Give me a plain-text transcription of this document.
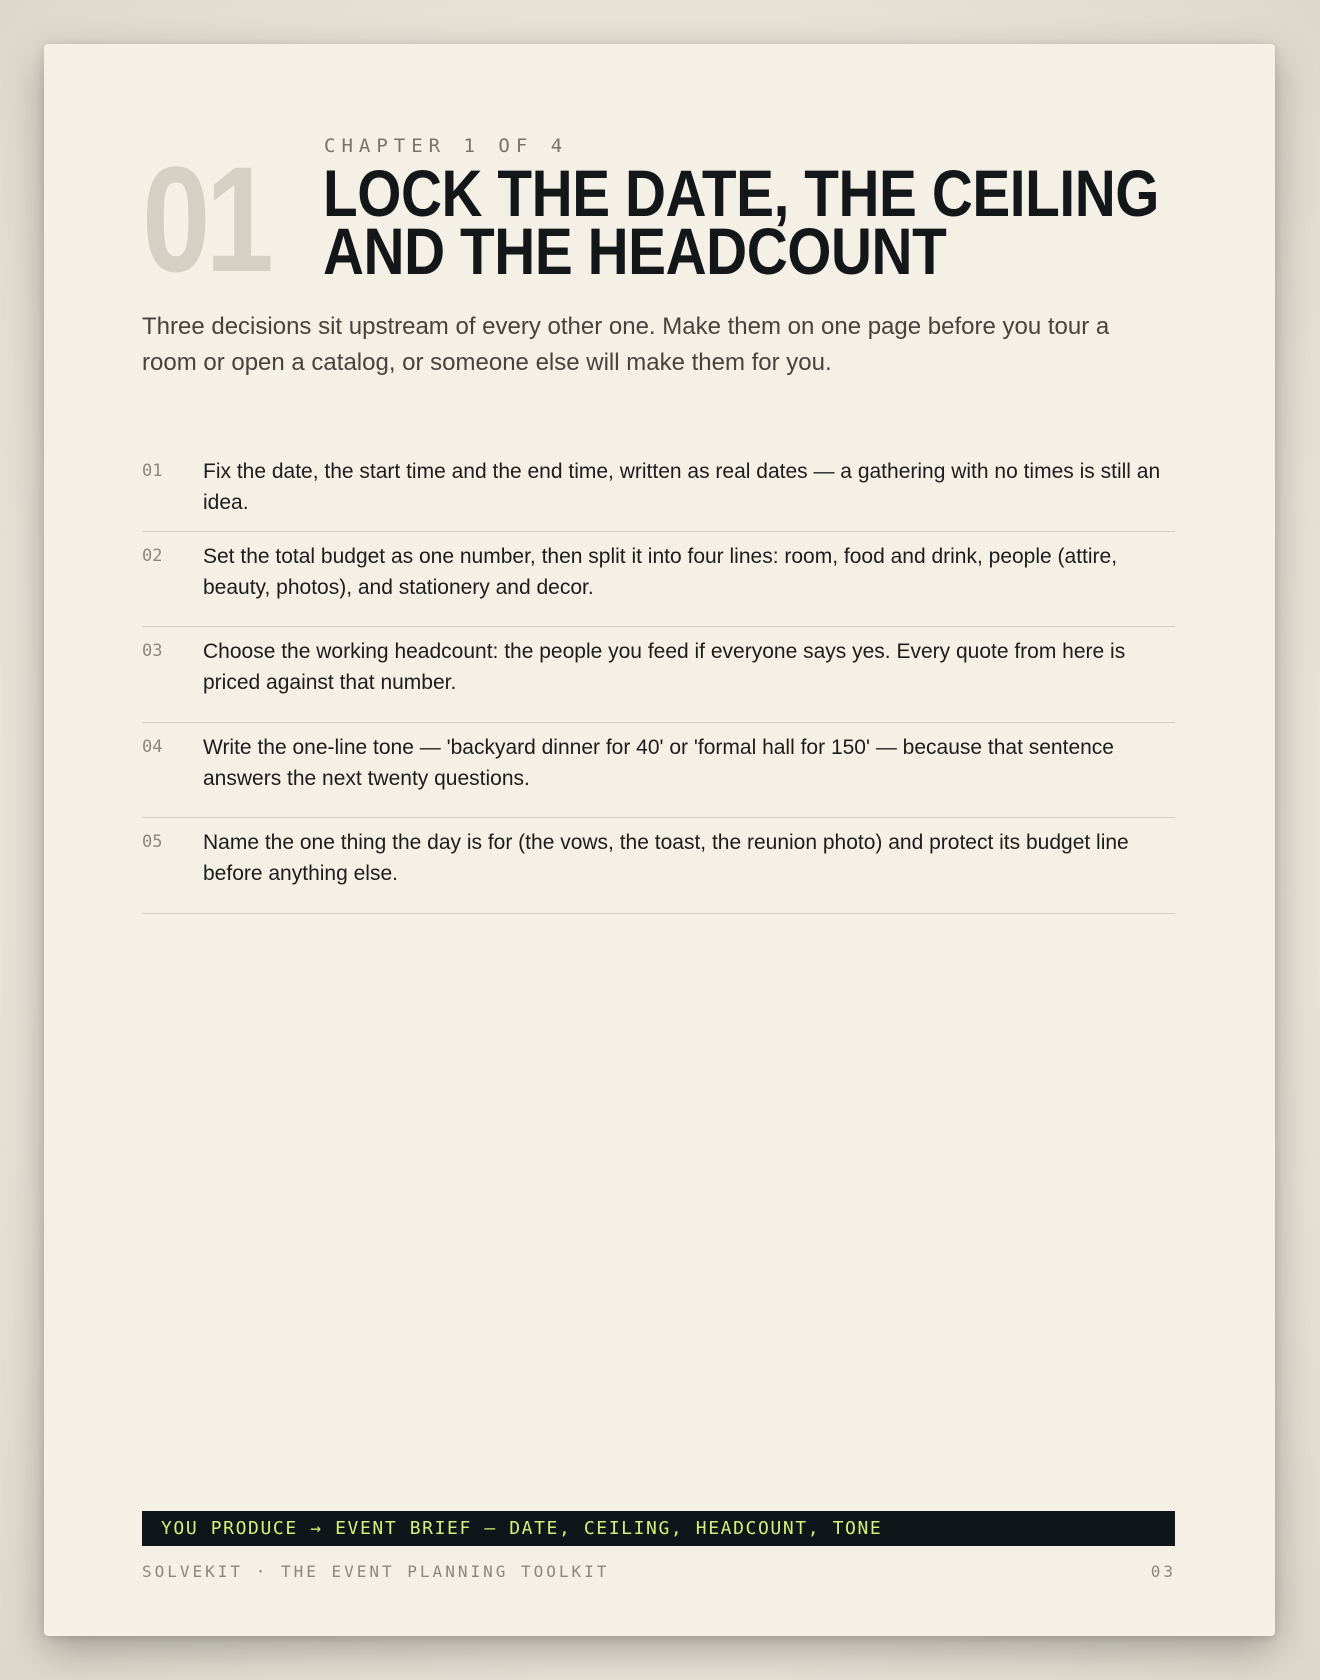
01	CHAPTER 1 OF 4
LOCK THE DATE, THE CEILING AND THE HEADCOUNT

Three decisions sit upstream of every other one. Make them on one page before you tour a room or open a catalog, or someone else will make them for you.

01 Fix the date, the start time and the end time, written as real dates — a gathering with no times is still an idea.
02 Set the total budget as one number, then split it into four lines: room, food and drink, people (attire, beauty, photos), and stationery and decor.
03 Choose the working headcount: the people you feed if everyone says yes. Every quote from here is priced against that number.
04 Write the one-line tone — 'backyard dinner for 40' or 'formal hall for 150' — because that sentence answers the next twenty questions.
05 Name the one thing the day is for (the vows, the toast, the reunion photo) and protect its budget line before anything else.
YOU PRODUCE → EVENT BRIEF — DATE, CEILING, HEADCOUNT, TONE
SOLVEKIT · THE EVENT PLANNING TOOLKIT	03
